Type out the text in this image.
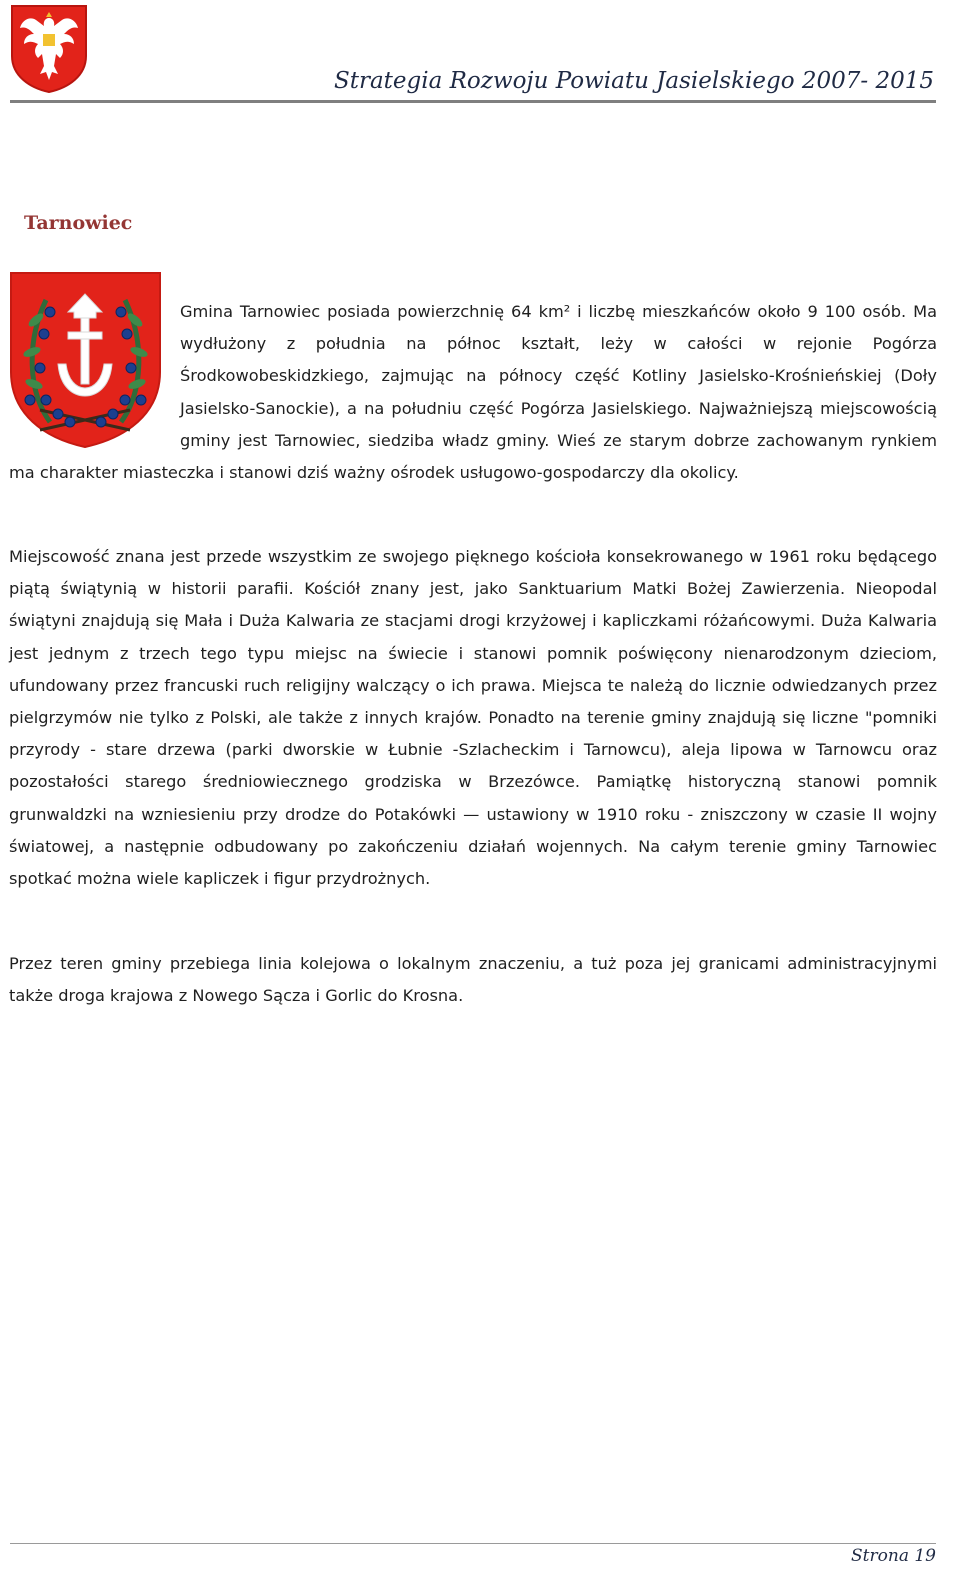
Strategia Rozwoju Powiatu Jasielskiego 2007- 2015
Tarnowiec

Gmina Tarnowiec posiada powierzchnię 64 km² i liczbę mieszkańców około 9 100 osób. Ma wydłużony z południa na północ kształt, leży w całości w rejonie Pogórza Środkowobeskidzkiego, zajmując na północy część Kotliny Jasielsko-Krośnieńskiej (Doły Jasielsko-Sanockie), a na południu część Pogórza Jasielskiego. Najważniejszą miejscowością gminy jest Tarnowiec, siedziba władz gminy. Wieś ze starym dobrze zachowanym rynkiem ma charakter miasteczka i stanowi dziś ważny ośrodek usługowo-gospodarczy dla okolicy.

Miejscowość znana jest przede wszystkim ze swojego pięknego kościoła konsekrowanego w 1961 roku będącego piątą świątynią w historii parafii. Kościół znany jest, jako Sanktuarium Matki Bożej Zawierzenia. Nieopodal świątyni znajdują się Mała i Duża Kalwaria ze stacjami drogi krzyżowej i kapliczkami różańcowymi. Duża Kalwaria jest jednym z trzech tego typu miejsc na świecie i stanowi pomnik poświęcony nienarodzonym dzieciom, ufundowany przez francuski ruch religijny walczący o ich prawa. Miejsca te należą do licznie odwiedzanych przez pielgrzymów nie tylko z Polski, ale także z innych krajów. Ponadto na terenie gminy znajdują się liczne "pomniki przyrody - stare drzewa (parki dworskie w Łubnie -Szlacheckim i Tarnowcu), aleja lipowa w Tarnowcu oraz pozostałości starego średniowiecznego grodziska w Brzezówce. Pamiątkę historyczną stanowi pomnik grunwaldzki na wzniesieniu przy drodze do Potakówki — ustawiony w 1910 roku - zniszczony w czasie II wojny światowej, a następnie odbudowany po zakończeniu działań wojennych. Na całym terenie gminy Tarnowiec spotkać można wiele kapliczek i figur przydrożnych.

Przez teren gminy przebiega linia kolejowa o lokalnym znaczeniu, a tuż poza jej granicami administracyjnymi także droga krajowa z Nowego Sącza i Gorlic do Krosna.

Strona 19
